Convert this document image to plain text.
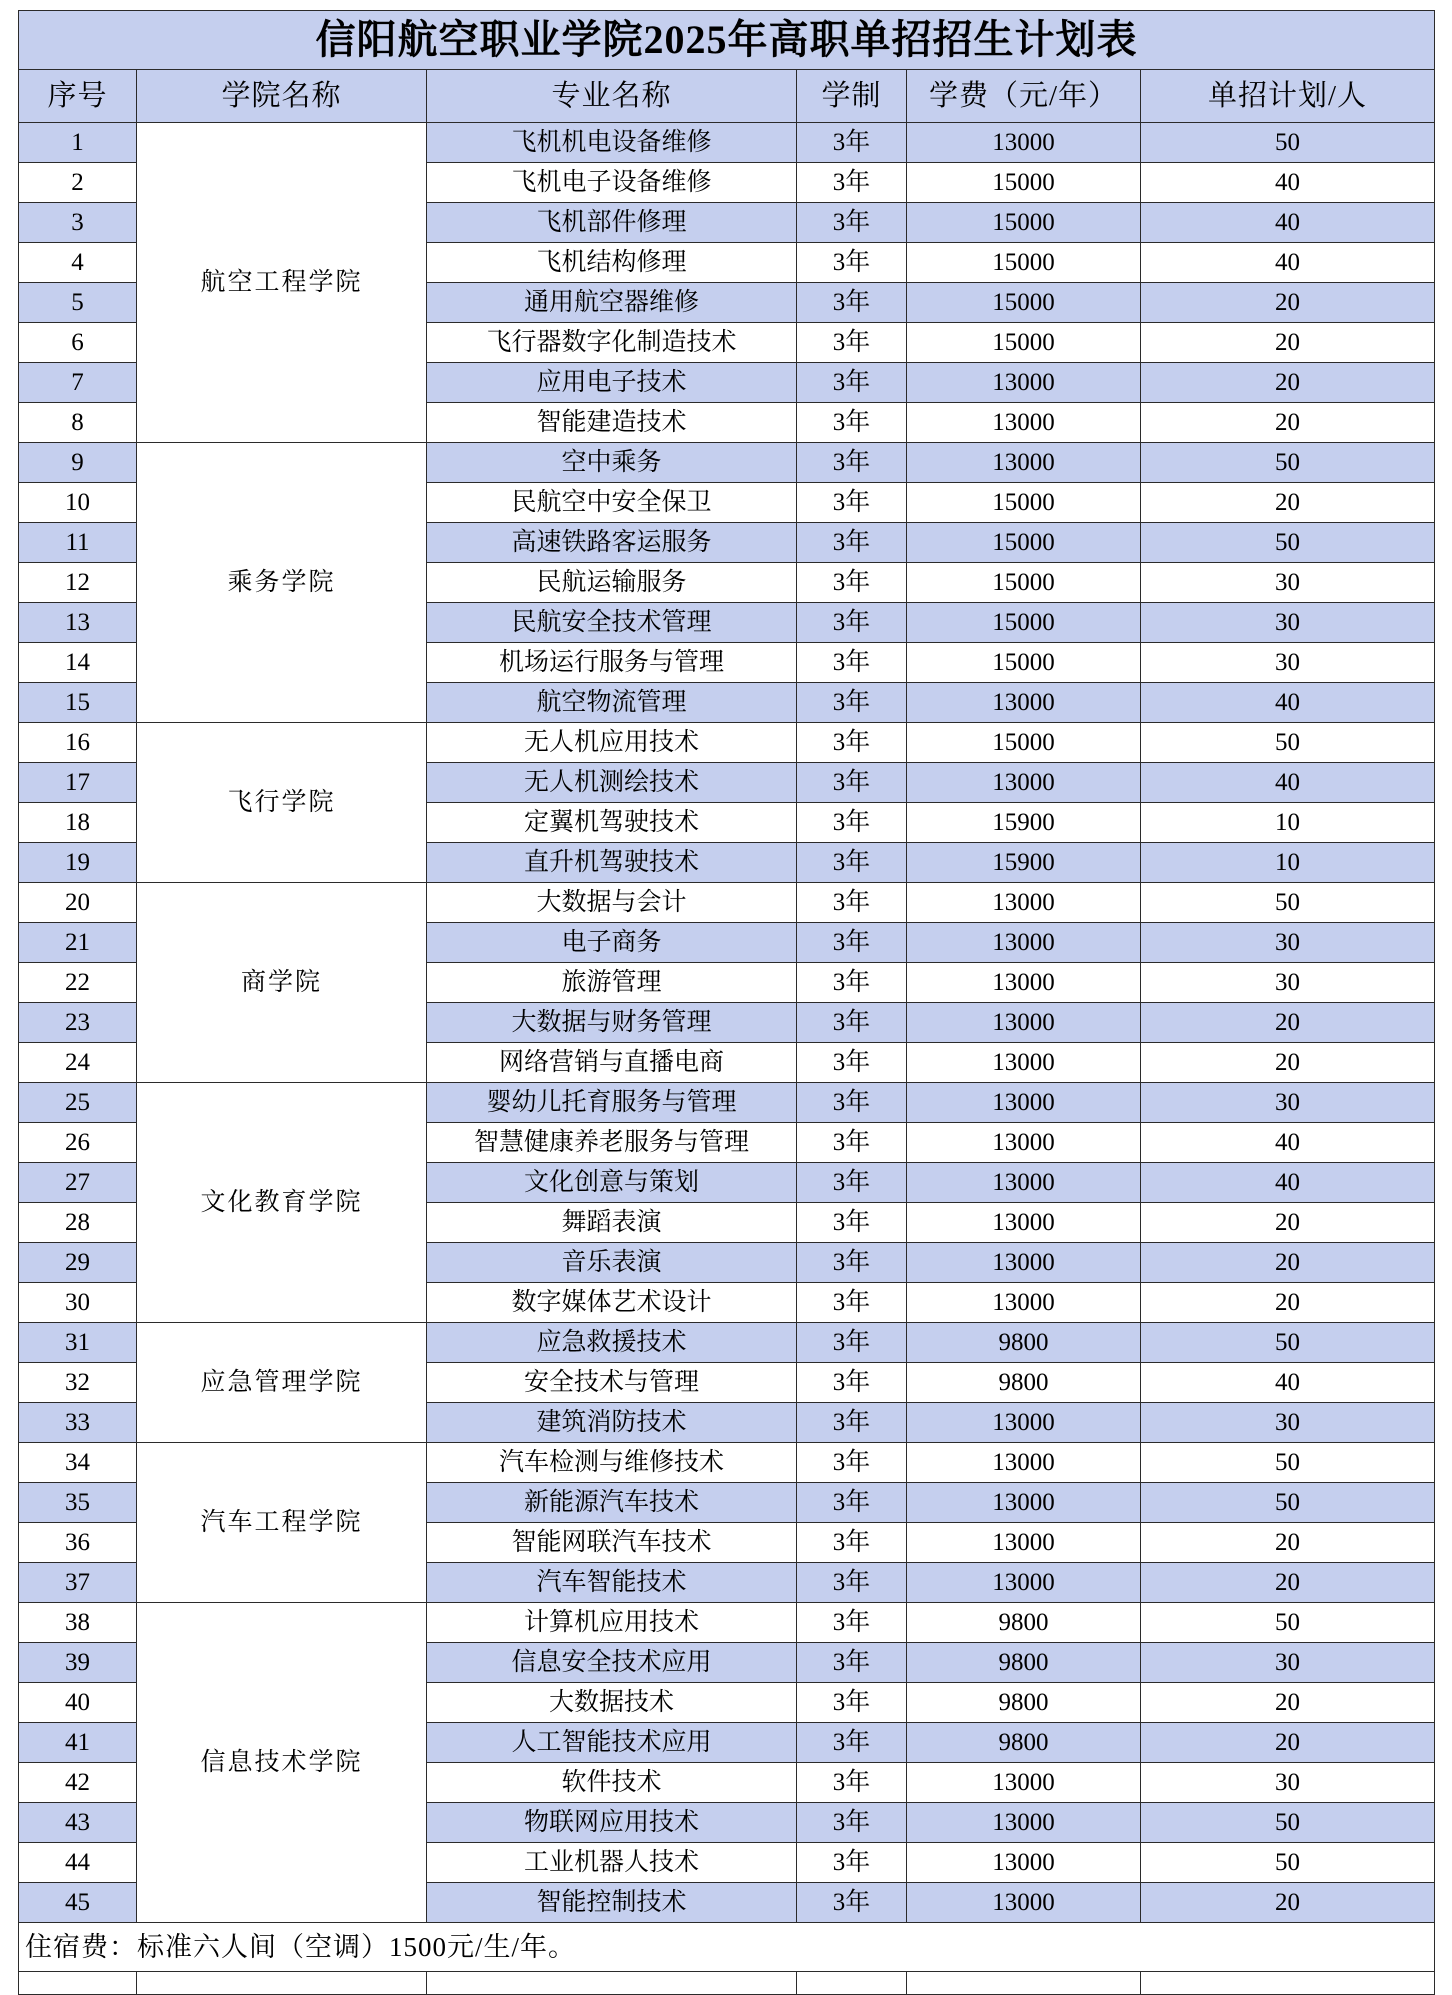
信阳航空职业学院2025年高职单招招生计划表					
序号	学院名称	专业名称	学制	学费（元/年）	单招计划/人
1	航空工程学院	飞机机电设备维修	3年	13000	50
2		飞机电子设备维修	3年	15000	40
3		飞机部件修理	3年	15000	40
4		飞机结构修理	3年	15000	40
5		通用航空器维修	3年	15000	20
6		飞行器数字化制造技术	3年	15000	20
7		应用电子技术	3年	13000	20
8		智能建造技术	3年	13000	20
9	乘务学院	空中乘务	3年	13000	50
10		民航空中安全保卫	3年	15000	20
11		高速铁路客运服务	3年	15000	50
12		民航运输服务	3年	15000	30
13		民航安全技术管理	3年	15000	30
14		机场运行服务与管理	3年	15000	30
15		航空物流管理	3年	13000	40
16	飞行学院	无人机应用技术	3年	15000	50
17		无人机测绘技术	3年	13000	40
18		定翼机驾驶技术	3年	15900	10
19		直升机驾驶技术	3年	15900	10
20	商学院	大数据与会计	3年	13000	50
21		电子商务	3年	13000	30
22		旅游管理	3年	13000	30
23		大数据与财务管理	3年	13000	20
24		网络营销与直播电商	3年	13000	20
25	文化教育学院	婴幼儿托育服务与管理	3年	13000	30
26		智慧健康养老服务与管理	3年	13000	40
27		文化创意与策划	3年	13000	40
28		舞蹈表演	3年	13000	20
29		音乐表演	3年	13000	20
30		数字媒体艺术设计	3年	13000	20
31	应急管理学院	应急救援技术	3年	9800	50
32		安全技术与管理	3年	9800	40
33		建筑消防技术	3年	13000	30
34	汽车工程学院	汽车检测与维修技术	3年	13000	50
35		新能源汽车技术	3年	13000	50
36		智能网联汽车技术	3年	13000	20
37		汽车智能技术	3年	13000	20
38	信息技术学院	计算机应用技术	3年	9800	50
39		信息安全技术应用	3年	9800	30
40		大数据技术	3年	9800	20
41		人工智能技术应用	3年	9800	20
42		软件技术	3年	13000	30
43		物联网应用技术	3年	13000	50
44		工业机器人技术	3年	13000	50
45		智能控制技术	3年	13000	20
住宿费：标准六人间（空调）1500元/生/年。					
